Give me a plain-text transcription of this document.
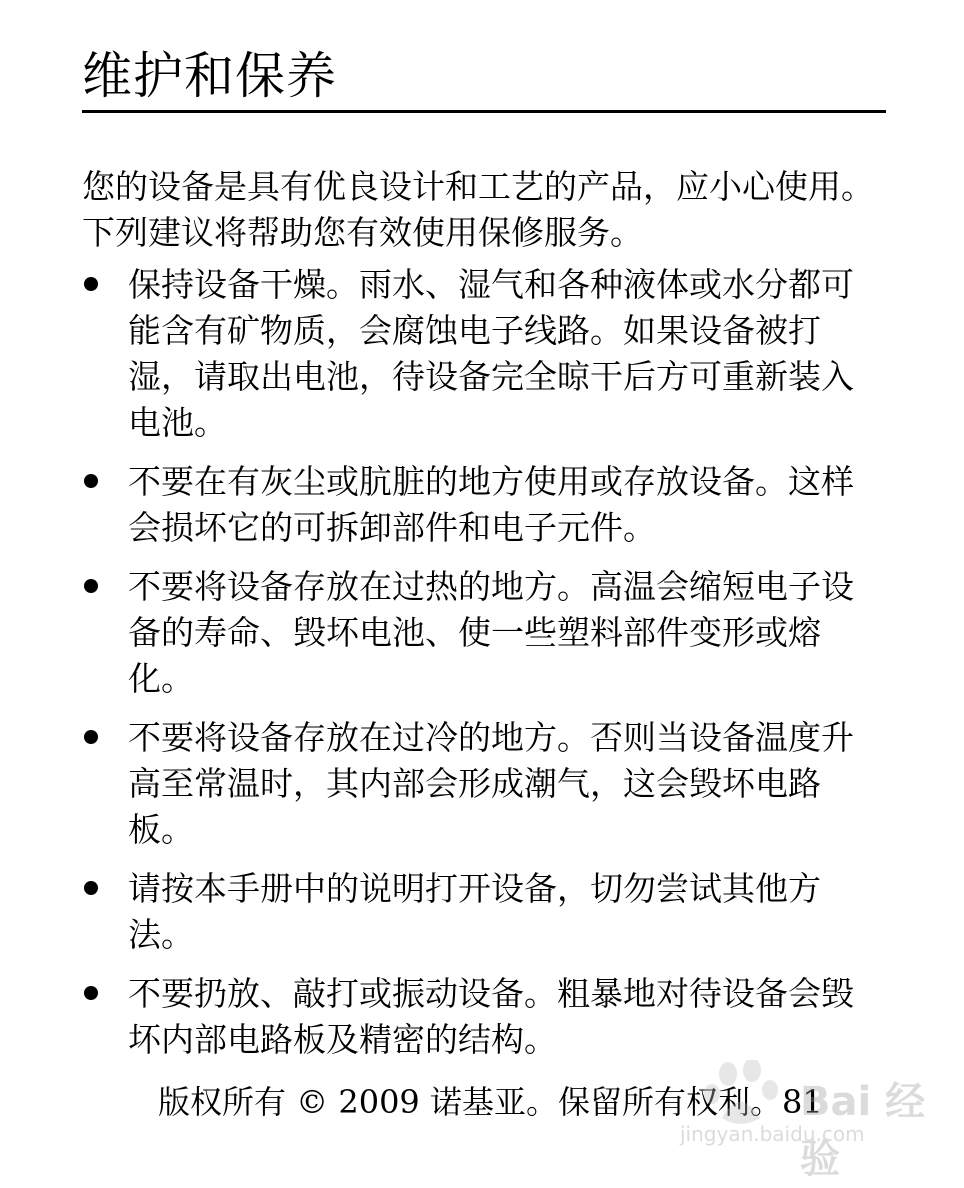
维护和保养

您的设备是具有优良设计和工艺的产品，应小心使用。下列建议将帮助您有效使用保修服务。

保持设备干燥。雨水、湿气和各种液体或水分都可能含有矿物质，会腐蚀电子线路。如果设备被打湿，请取出电池，待设备完全晾干后方可重新装入电池。
不要在有灰尘或肮脏的地方使用或存放设备。这样会损坏它的可拆卸部件和电子元件。
不要将设备存放在过热的地方。高温会缩短电子设备的寿命、毁坏电池、使一些塑料部件变形或熔化。
不要将设备存放在过冷的地方。否则当设备温度升高至常温时，其内部会形成潮气，这会毁坏电路板。
请按本手册中的说明打开设备，切勿尝试其他方法。
不要扔放、敲打或振动设备。粗暴地对待设备会毁坏内部电路板及精密的结构。

版权所有 © 2009 诺基亚。保留所有权利。81

Bai 经验
jingyan.baidu.com
